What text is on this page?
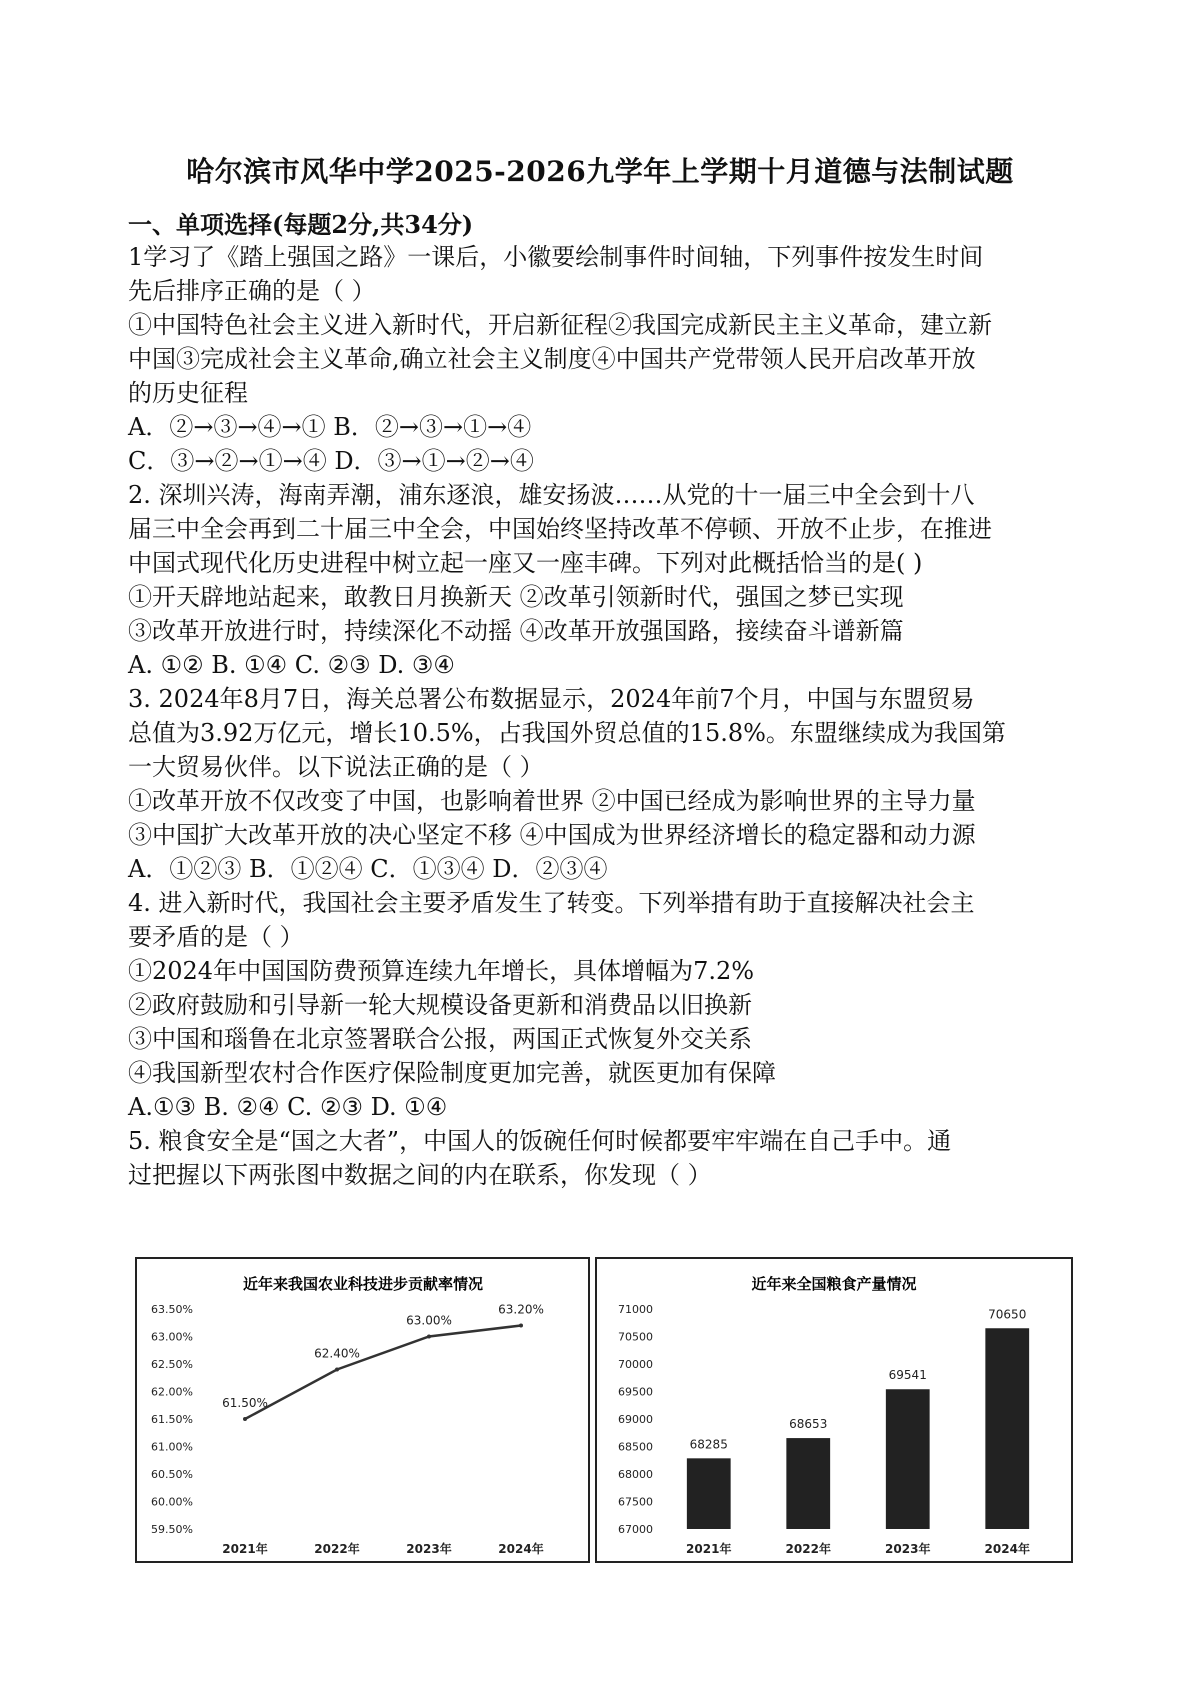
哈尔滨市风华中学2025-2026九学年上学期十月道德与法制试题
一、单项选择(每题2分,共34分)
1学习了《踏上强国之路》一课后，小徽要绘制事件时间轴，下列事件按发生时间
先后排序正确的是（ ）
①中国特色社会主义进入新时代，开启新征程②我国完成新民主主义革命，建立新
中国③完成社会主义革命,确立社会主义制度④中国共产党带领人民开启改革开放
的历史征程
A．②→③→④→① B．②→③→①→④
C．③→②→①→④ D．③→①→②→④
2. 深圳兴涛，海南弄潮，浦东逐浪，雄安扬波……从党的十一届三中全会到十八
届三中全会再到二十届三中全会，中国始终坚持改革不停顿、开放不止步，在推进
中国式现代化历史进程中树立起一座又一座丰碑。下列对此概括恰当的是( )
①开天辟地站起来，敢教日月换新天 ②改革引领新时代，强国之梦已实现
③改革开放进行时，持续深化不动摇 ④改革开放强国路，接续奋斗谱新篇
A. ①② B. ①④ C. ②③ D. ③④
3. 2024年8月7日，海关总署公布数据显示，2024年前7个月，中国与东盟贸易
总值为3.92万亿元，增长10.5%，占我国外贸总值的15.8%。东盟继续成为我国第
一大贸易伙伴。以下说法正确的是（ ）
①改革开放不仅改变了中国，也影响着世界 ②中国已经成为影响世界的主导力量
③中国扩大改革开放的决心坚定不移 ④中国成为世界经济增长的稳定器和动力源
A．①②③ B．①②④ C．①③④ D．②③④
4. 进入新时代，我国社会主要矛盾发生了转变。下列举措有助于直接解决社会主
要矛盾的是（ ）
①2024年中国国防费预算连续九年增长，具体增幅为7.2%
②政府鼓励和引导新一轮大规模设备更新和消费品以旧换新
③中国和瑙鲁在北京签署联合公报，两国正式恢复外交关系
④我国新型农村合作医疗保险制度更加完善，就医更加有保障
A.①③ B. ②④ C. ②③ D. ①④
5. 粮食安全是“国之大者”，中国人的饭碗任何时候都要牢牢端在自己手中。通
过把握以下两张图中数据之间的内在联系，你发现（ ）
近年来我国农业科技进步贡献率情况
63.50%
63.00%
62.50%
62.00%
61.50%
61.00%
60.50%
60.00%
59.50%
2021年	2022年	2023年	2024年
61.50%
62.40%
63.00%
63.20%
近年来全国粮食产量情况
71000
70500
70000
69500
69000
68500
68000
67500
67000
2021年	2022年	2023年	2024年
68285
68653
69541
70650
